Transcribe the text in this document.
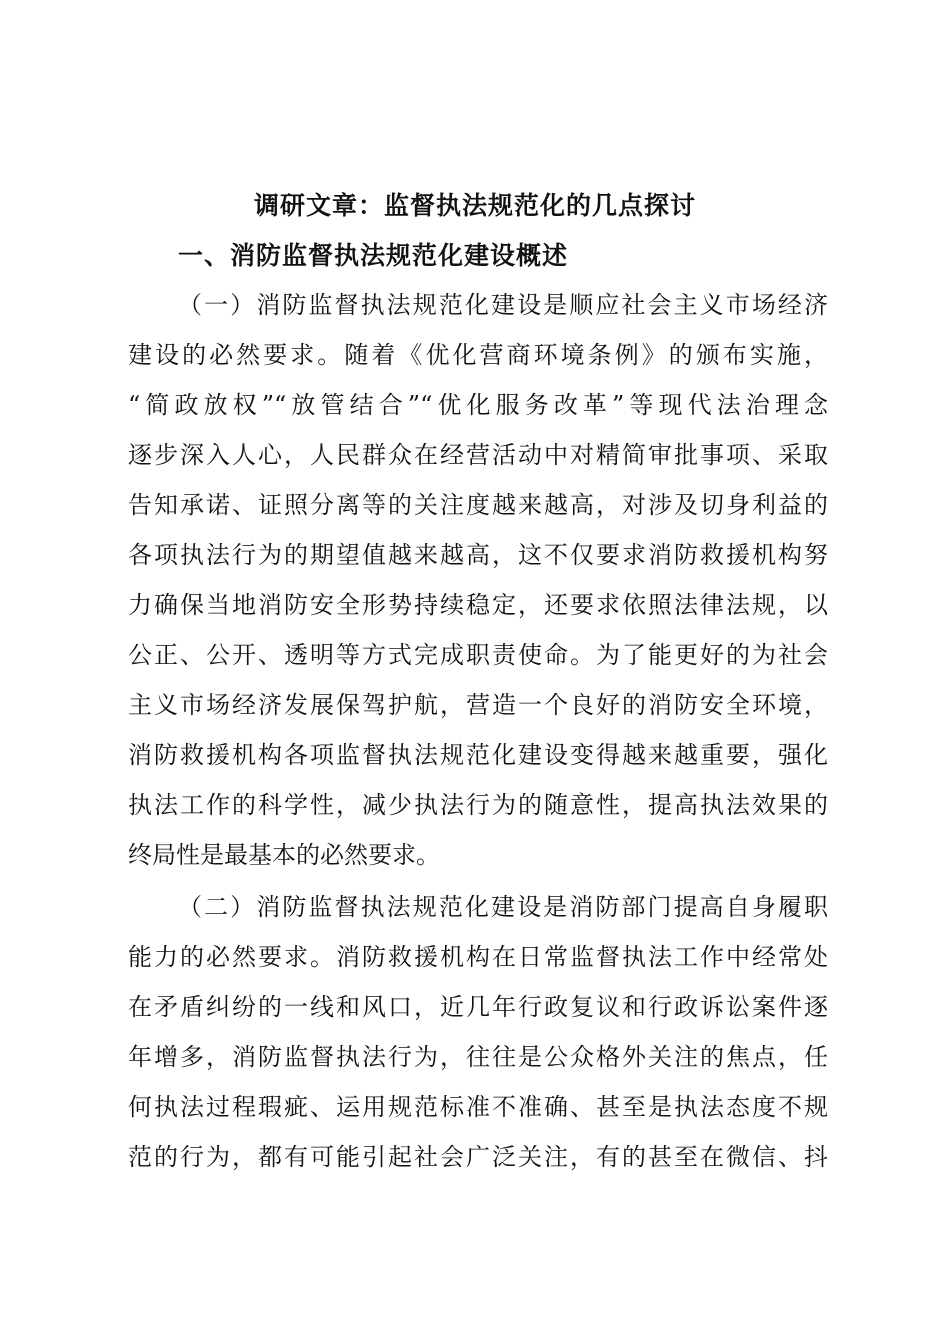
调研文章：监督执法规范化的几点探讨
一、消防监督执法规范化建设概述
（一）消防监督执法规范化建设是顺应社会主义市场经济
建设的必然要求。随着《优化营商环境条例》的颁布实施，
“简政放权”“放管结合”“优化服务改革”等现代法治理念
逐步深入人心，人民群众在经营活动中对精简审批事项、采取
告知承诺、证照分离等的关注度越来越高，对涉及切身利益的
各项执法行为的期望值越来越高，这不仅要求消防救援机构努
力确保当地消防安全形势持续稳定，还要求依照法律法规，以
公正、公开、透明等方式完成职责使命。为了能更好的为社会
主义市场经济发展保驾护航，营造一个良好的消防安全环境，
消防救援机构各项监督执法规范化建设变得越来越重要，强化
执法工作的科学性，减少执法行为的随意性，提高执法效果的
终局性是最基本的必然要求。
（二）消防监督执法规范化建设是消防部门提高自身履职
能力的必然要求。消防救援机构在日常监督执法工作中经常处
在矛盾纠纷的一线和风口，近几年行政复议和行政诉讼案件逐
年增多，消防监督执法行为，往往是公众格外关注的焦点，任
何执法过程瑕疵、运用规范标准不准确、甚至是执法态度不规
范的行为，都有可能引起社会广泛关注，有的甚至在微信、抖
